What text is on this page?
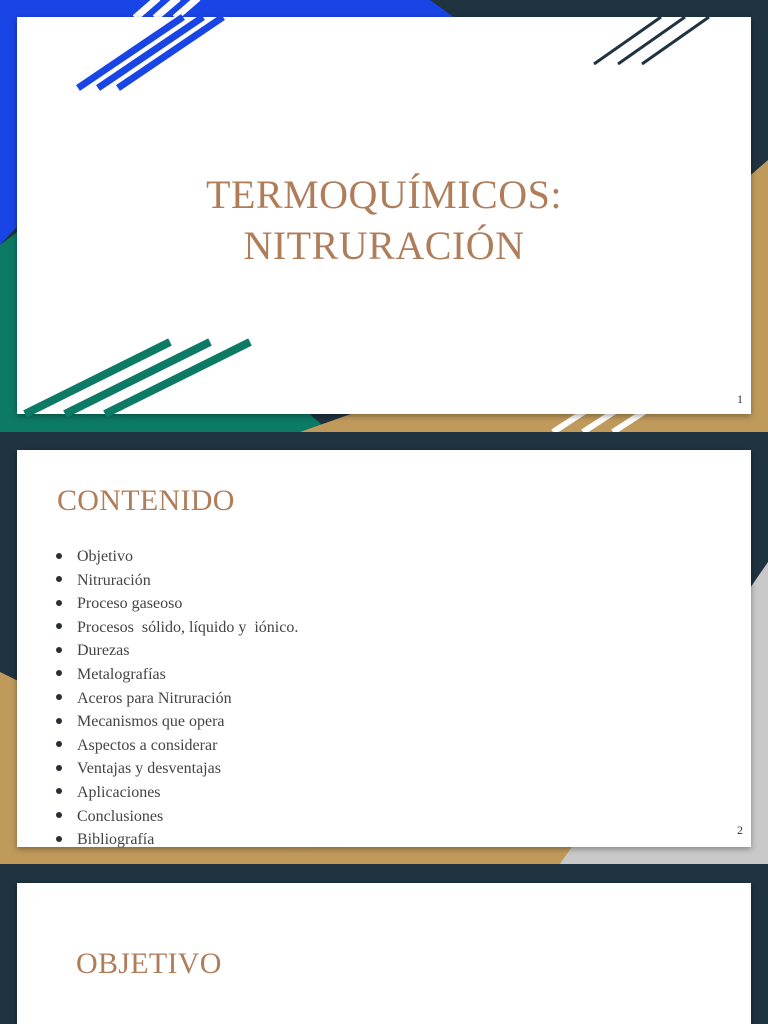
TERMOQUÍMICOS:
NITRURACIÓN
1
CONTENIDO
Objetivo
Nitruración
Proceso gaseoso
Procesos  sólido, líquido y  iónico.
Durezas
Metalografías
Aceros para Nitruración
Mecanismos que opera
Aspectos a considerar
Ventajas y desventajas
Aplicaciones
Conclusiones
Bibliografía
2
OBJETIVO
